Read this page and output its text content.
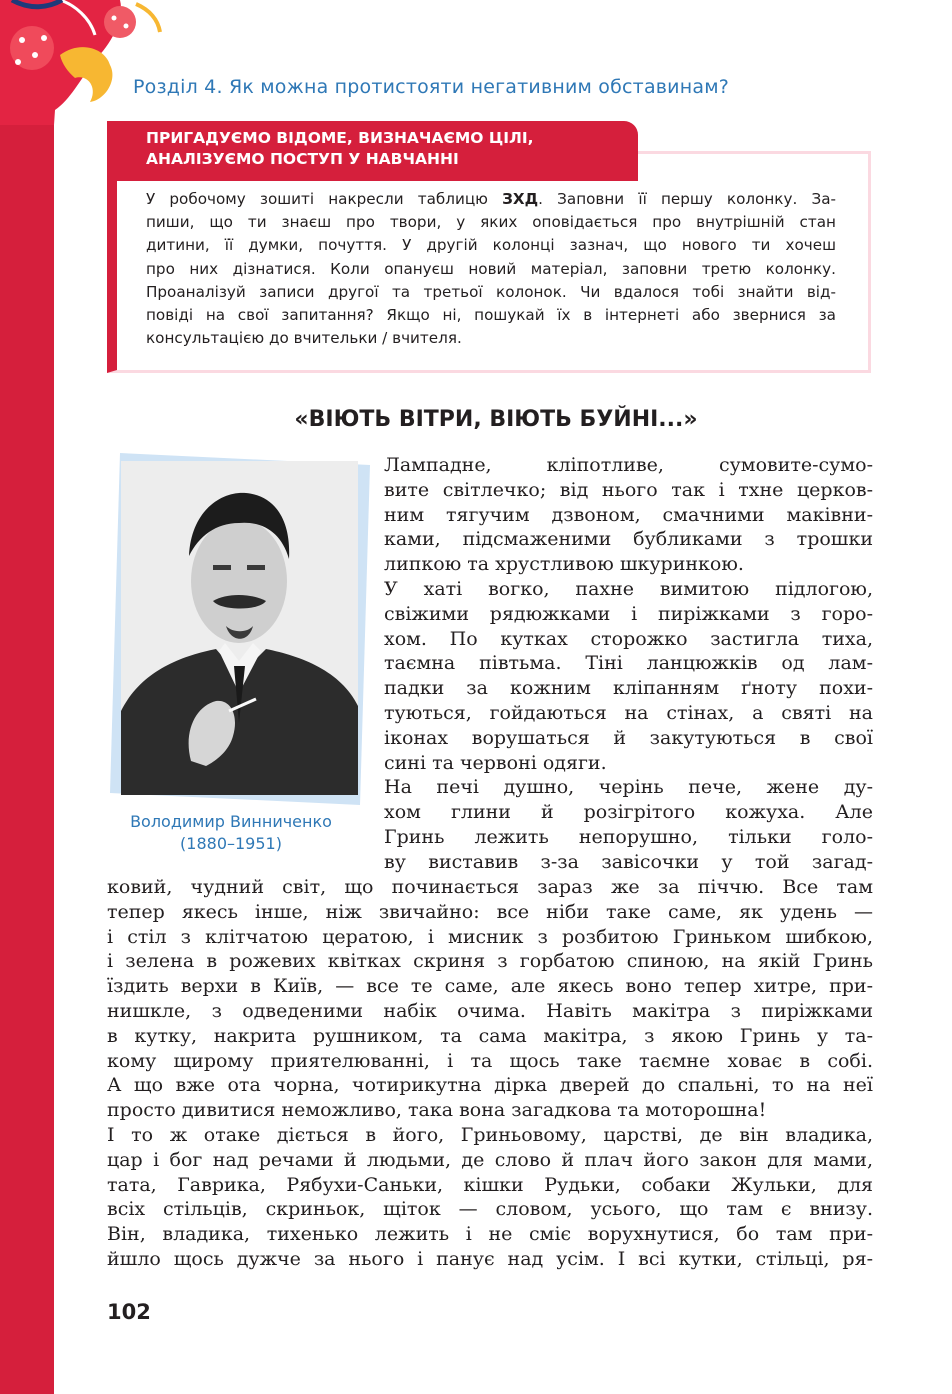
Розділ 4. Як можна протистояти негативним обставинам?
ПРИГАДУЄМО ВІДОМЕ, ВИЗНАЧАЄМО ЦІЛІ,
АНАЛІЗУЄМО ПОСТУП У НАВЧАННІ
У робочому зошиті накресли таблицю ЗХД. Заповни її першу колонку. За-
пиши, що ти знаєш про твори, у яких оповідається про внутрішній стан
дитини, її думки, почуття. У другій колонці зазнач, що нового ти хочеш
про них дізнатися. Коли опануєш новий матеріал, заповни третю колонку.
Проаналізуй записи другої та третьої колонок. Чи вдалося тобі знайти від-
повіді на свої запитання? Якщо ні, пошукай їх в інтернеті або звернися за
консультацією до вчительки / вчителя.
«ВІЮТЬ ВІТРИ, ВІЮТЬ БУЙНІ...»
Володимир Винниченко
(1880–1951)
Лампадне, кліпотливе, сумовите-сумо-
вите світлечко; від нього так і тхне церков-
ним тягучим дзвоном, смачними маківни-
ками, підсмаженими бубликами з трошки
липкою та хрустливою шкуринкою.
У хаті вогко, пахне вимитою підлогою,
свіжими рядюжками і пиріжками з горо-
хом. По кутках сторожко застигла тиха,
таємна півтьма. Тіні ланцюжків од лам-
падки за кожним кліпанням ґноту похи-
туються, гойдаються на стінах, а святі на
іконах ворушаться й закутуються в свої
сині та червоні одяги.
На печі душно, черінь пече, жене ду-
хом глини й розігрітого кожуха. Але
Гринь лежить непорушно, тільки голо-
ву виставив з-за завісочки у той загад-
ковий, чудний світ, що починається зараз же за піччю. Все там
тепер якесь інше, ніж звичайно: все ніби таке саме, як удень —
і стіл з клітчатою цератою, і мисник з розбитою Гриньком шибкою,
і зелена в рожевих квітках скриня з горбатою спиною, на якій Гринь
їздить верхи в Київ, — все те саме, але якесь воно тепер хитре, при-
нишкле, з одведеними набік очима. Навіть макітра з пиріжками
в кутку, накрита рушником, та сама макітра, з якою Гринь у та-
кому щирому приятелюванні, і та щось таке таємне ховає в собі.
А що вже ота чорна, чотирикутна дірка дверей до спальні, то на неї
просто дивитися неможливо, така вона загадкова та моторошна!
І то ж отаке діється в його, Гриньовому, царстві, де він владика,
цар і бог над речами й людьми, де слово й плач його закон для мами,
тата, Гаврика, Рябухи-Саньки, кішки Рудьки, собаки Жульки, для
всіх стільців, скриньок, щіток — словом, усього, що там є внизу.
Він, владика, тихенько лежить і не сміє ворухнутися, бо там при-
йшло щось дужче за нього і панує над усім. І всі кутки, стільці, ря-
102
